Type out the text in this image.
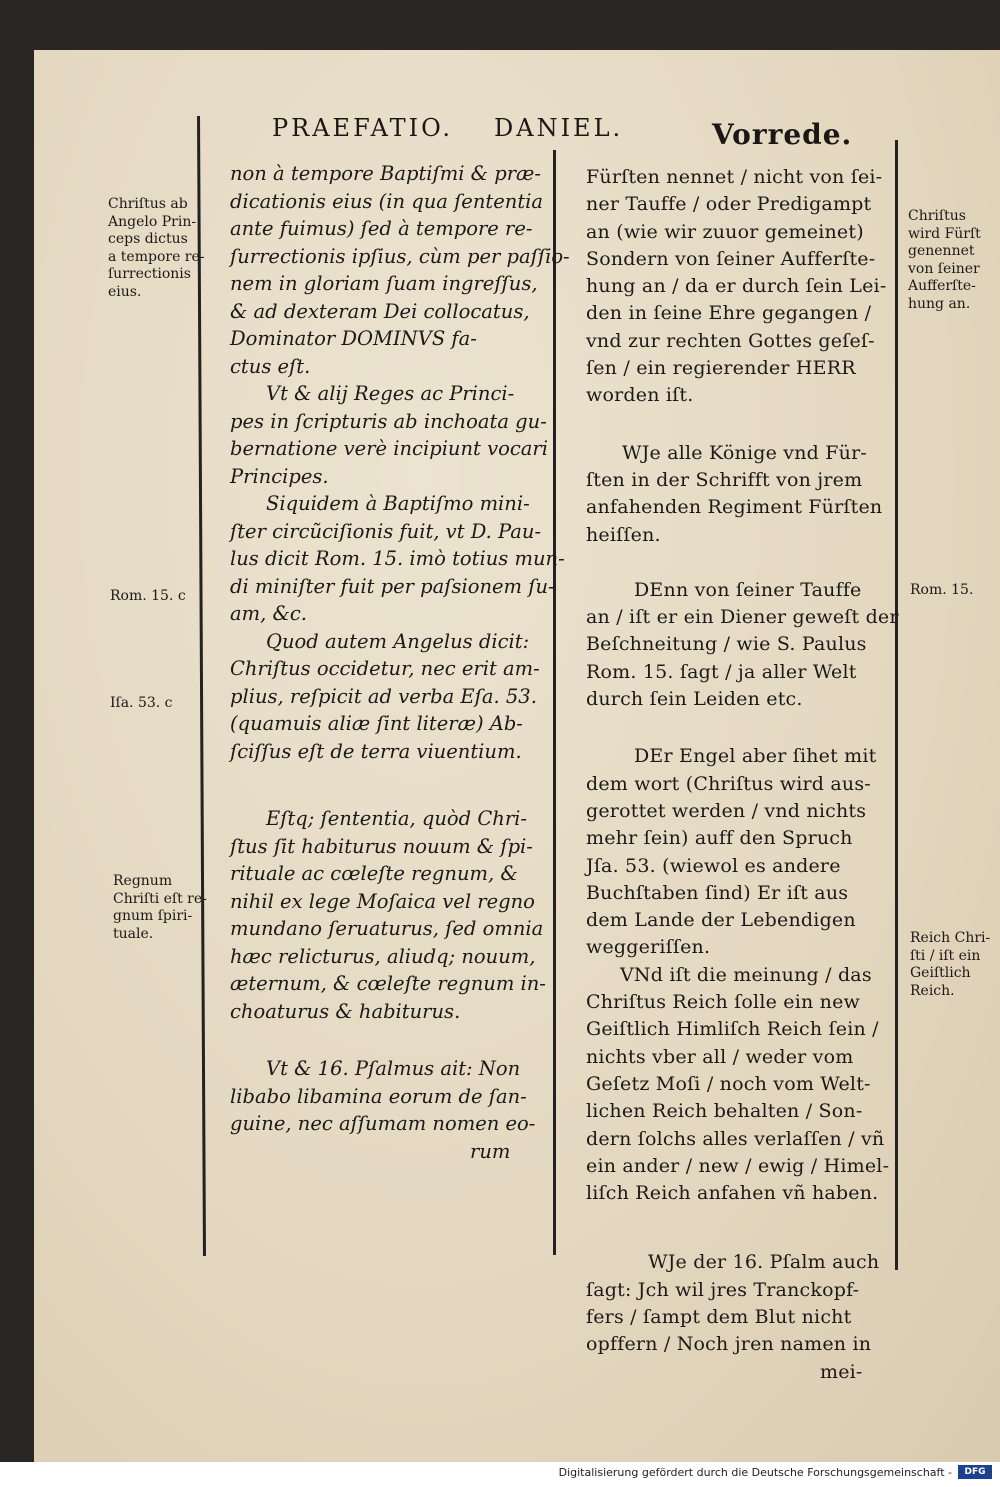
PRAEFATIO. DANIEL.	Vorrede.
Chriſtus ab
Angelo Prin-
ceps dictus
a tempore re-
ſurrectionis
eius.
Rom. 15. c
Iſa. 53. c
Regnum
Chriſti eſt re-
gnum ſpiri-
tuale.
Chriſtus
wird Fürſt
genennet
von ſeiner
Aufferſte-
hung an.
Rom. 15.
Reich Chri-
ſti / iſt ein
Geiſtlich
Reich.
non à tempore Baptiſmi & præ-
dicationis eius (in qua ſententia
ante fuimus) ſed à tempore re-
ſurrectionis ipſius, cùm per paſſio-
nem in gloriam ſuam ingreſſus,
& ad dexteram Dei collocatus,
Dominator DOMINVS fa-
ctus eſt.
Vt & alij Reges ac Princi-
pes in ſcripturis ab inchoata gu-
bernatione verè incipiunt vocari
Principes.
Siquidem à Baptiſmo mini-
ſter circũciſionis fuit, vt D. Pau-
lus dicit Rom. 15. imò totius mun-
di miniſter fuit per paſsionem ſu-
am, &c.
Quod autem Angelus dicit:
Chriſtus occidetur, nec erit am-
plius, reſpicit ad verba Eſa. 53.
(quamuis aliæ ſint literæ) Ab-
ſciſſus eſt de terra viuentium.
Eſtq; ſententia, quòd Chri-
ſtus ſit habiturus nouum & ſpi-
rituale ac cœleſte regnum, &
nihil ex lege Moſaica vel regno
mundano ſeruaturus, ſed omnia
hæc relicturus, aliudq; nouum,
æternum, & cœleſte regnum in-
choaturus & habiturus.
Vt & 16. Pſalmus ait: Non
libabo libamina eorum de ſan-
guine, nec aſſumam nomen eo-
rum
Fürſten nennet / nicht von ſei-
ner Tauffe / oder Predigampt
an (wie wir zuuor gemeinet)
Sondern von ſeiner Aufferſte-
hung an / da er durch ſein Lei-
den in ſeine Ehre gegangen /
vnd zur rechten Gottes geſeſ-
ſen / ein regierender HERR
worden iſt.
WJe alle Könige vnd Für-
ſten in der Schrifft von jrem
anfahenden Regiment Fürſten
heiſſen.
DEnn von ſeiner Tauffe
an / iſt er ein Diener geweſt der
Beſchneitung / wie S. Paulus
Rom. 15. ſagt / ja aller Welt
durch ſein Leiden etc.
DEr Engel aber ſihet mit
dem wort (Chriſtus wird aus-
gerottet werden / vnd nichts
mehr ſein) auff den Spruch
Jſa. 53. (wiewol es andere
Buchſtaben ſind) Er iſt aus
dem Lande der Lebendigen
weggeriſſen.
VNd iſt die meinung / das
Chriſtus Reich ſolle ein new
Geiſtlich Himliſch Reich ſein /
nichts vber all / weder vom
Geſetz Moſi / noch vom Welt-
lichen Reich behalten / Son-
dern ſolchs alles verlaſſen / vñ
ein ander / new / ewig / Himel-
liſch Reich anfahen vñ haben.
WJe der 16. Pſalm auch
ſagt: Jch wil jres Tranckopf-
fers / ſampt dem Blut nicht
opffern / Noch jren namen in
mei-
Digitalisierung gefördert durch die Deutsche Forschungsgemeinschaft -	DFG
